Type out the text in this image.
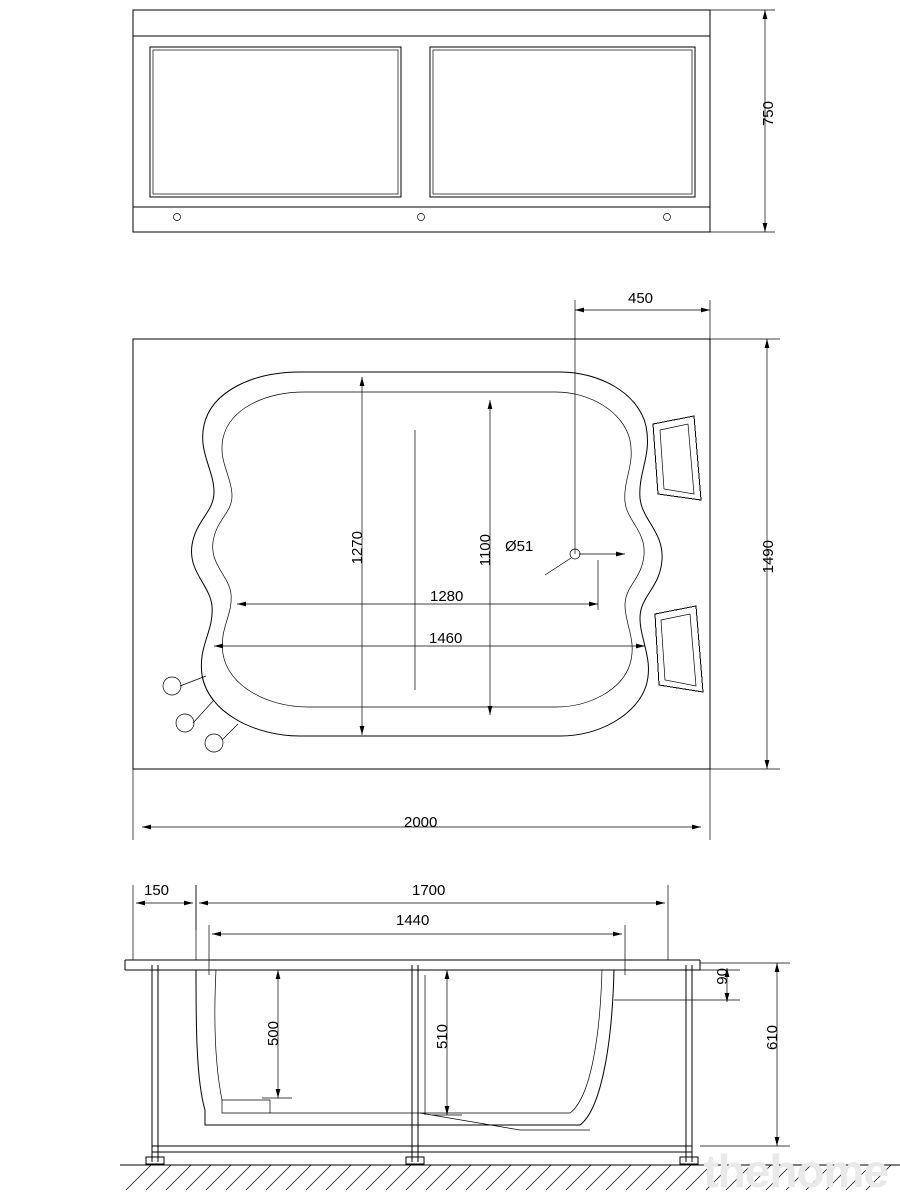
750
450
1490
1270	1100
1280
1460
Ø51
2000
150	1700
1440
500	510
90
610
thehome
